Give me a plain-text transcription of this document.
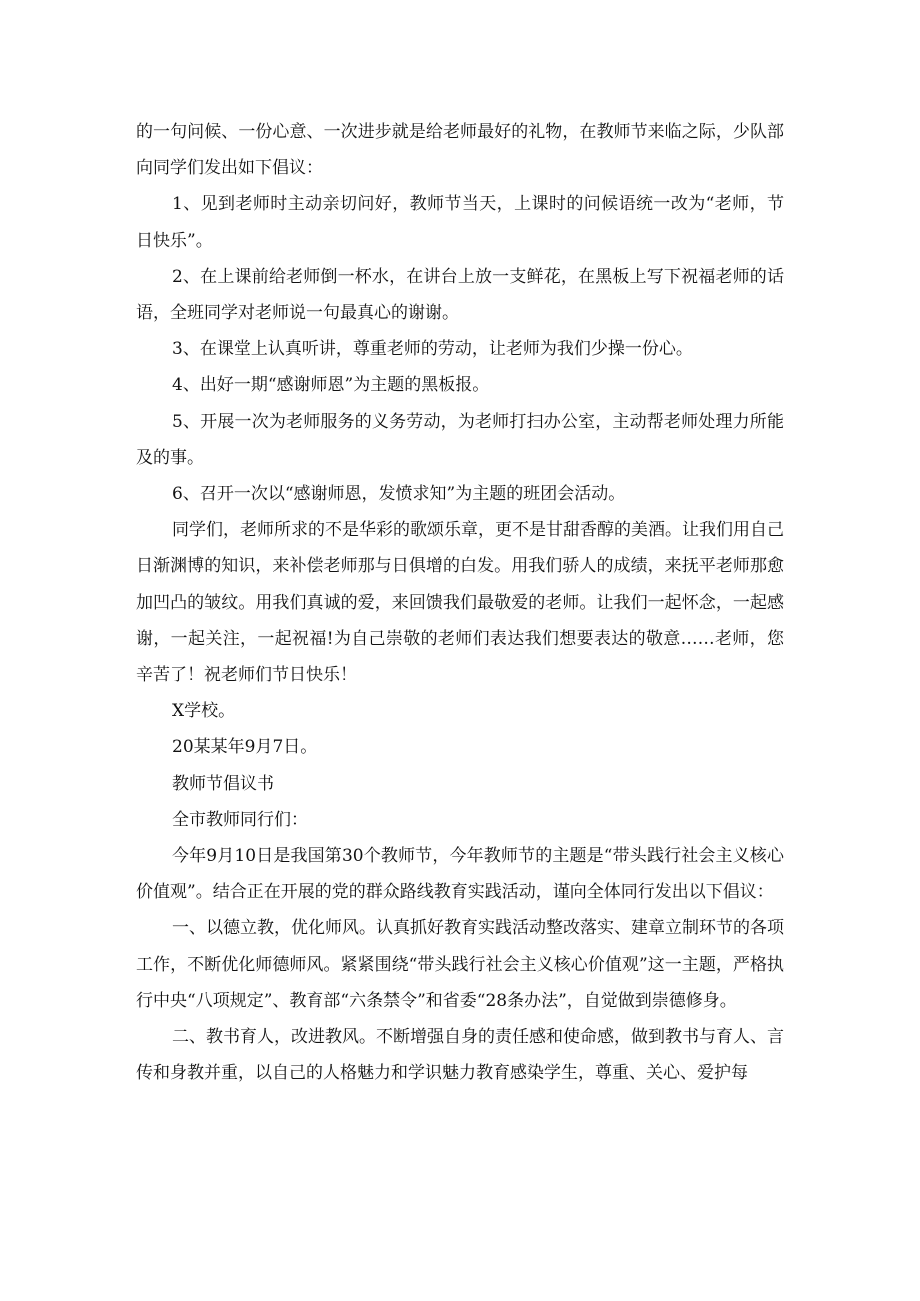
的一句问候、一份心意、一次进步就是给老师最好的礼物，在教师节来临之际，少队部向同学们发出如下倡议：

1、见到老师时主动亲切问好，教师节当天，上课时的问候语统一改为“老师，节日快乐”。

2、在上课前给老师倒一杯水，在讲台上放一支鲜花，在黑板上写下祝福老师的话语，全班同学对老师说一句最真心的谢谢。

3、在课堂上认真听讲，尊重老师的劳动，让老师为我们少操一份心。

4、出好一期“感谢师恩”为主题的黑板报。

5、开展一次为老师服务的义务劳动，为老师打扫办公室，主动帮老师处理力所能及的事。

6、召开一次以“感谢师恩，发愤求知”为主题的班团会活动。

同学们，老师所求的不是华彩的歌颂乐章，更不是甘甜香醇的美酒。让我们用自己日渐渊博的知识，来补偿老师那与日俱增的白发。用我们骄人的成绩，来抚平老师那愈加凹凸的皱纹。用我们真诚的爱，来回馈我们最敬爱的老师。让我们一起怀念，一起感谢，一起关注，一起祝福!为自己崇敬的老师们表达我们想要表达的敬意……老师，您辛苦了！祝老师们节日快乐！

X学校。

20某某年9月7日。

教师节倡议书

全市教师同行们：

今年9月10日是我国第30个教师节，今年教师节的主题是“带头践行社会主义核心价值观”。结合正在开展的党的群众路线教育实践活动，谨向全体同行发出以下倡议：

一、以德立教，优化师风。认真抓好教育实践活动整改落实、建章立制环节的各项工作，不断优化师德师风。紧紧围绕“带头践行社会主义核心价值观”这一主题，严格执行中央“八项规定”、教育部“六条禁令”和省委“28条办法”，自觉做到崇德修身。

二、教书育人，改进教风。不断增强自身的责任感和使命感，做到教书与育人、言传和身教并重，以自己的人格魅力和学识魅力教育感染学生，尊重、关心、爱护每
